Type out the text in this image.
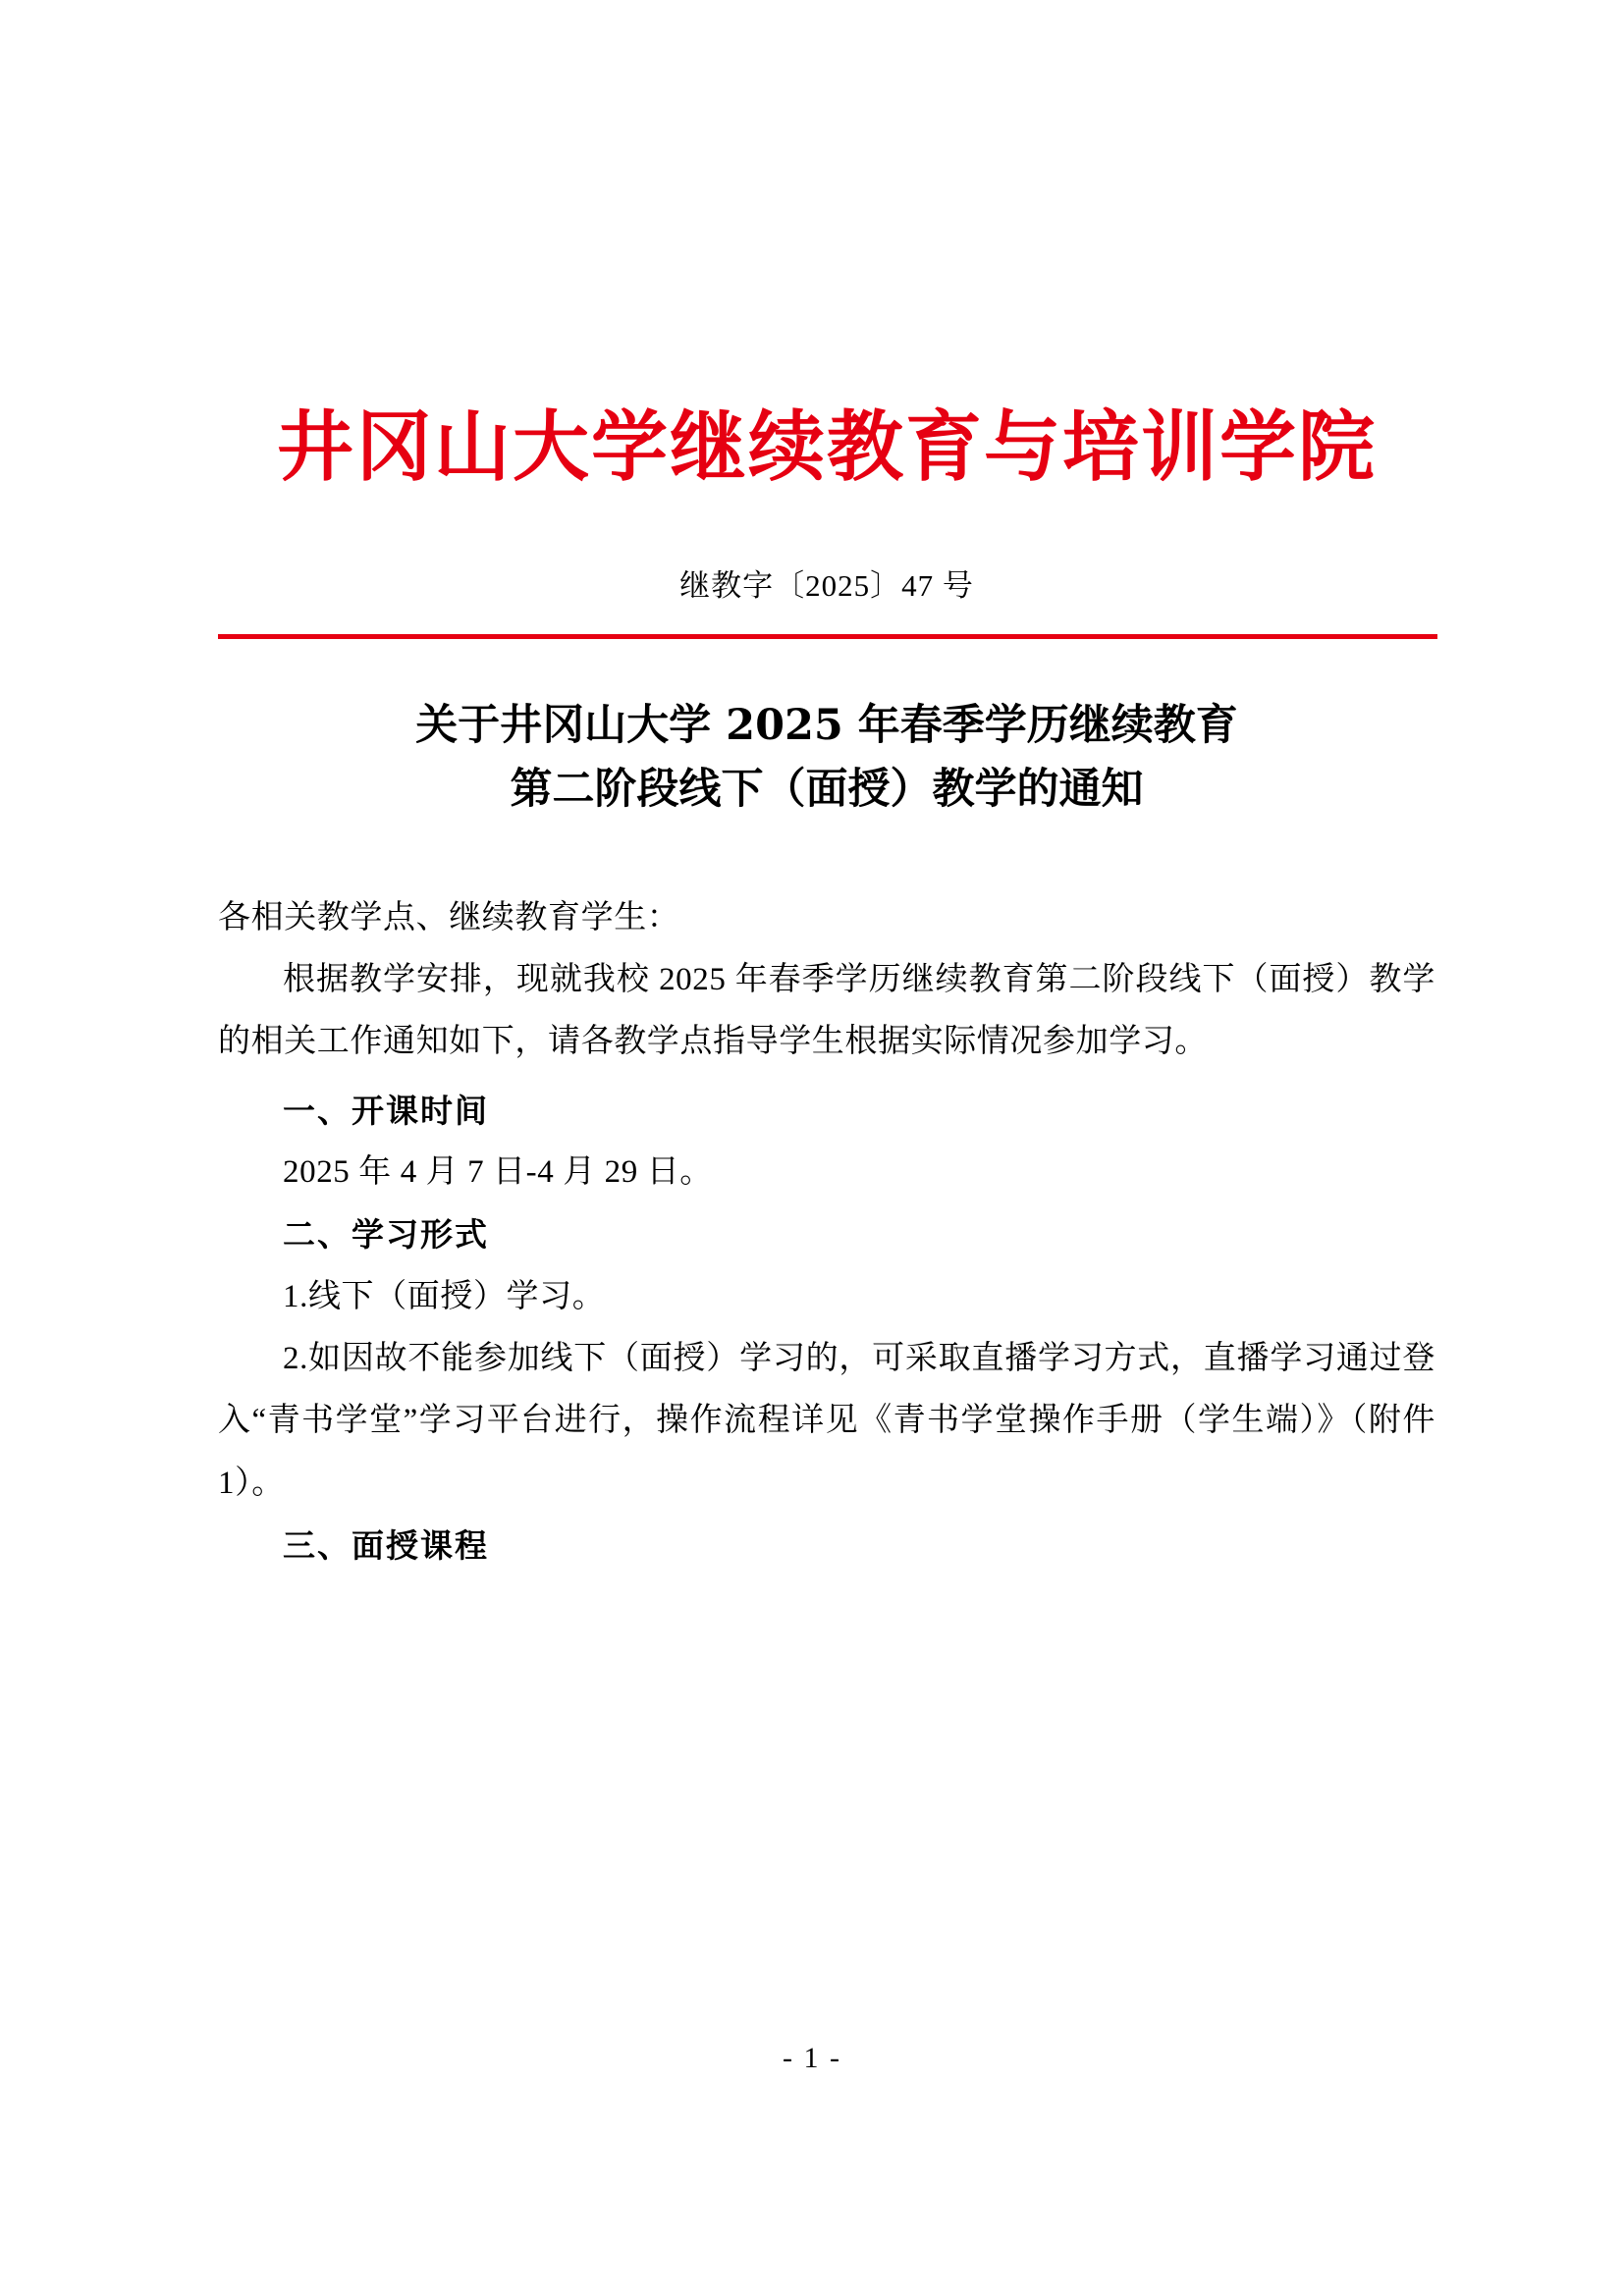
井冈山大学继续教育与培训学院
继教字〔2025〕47 号
关于井冈山大学 2025 年春季学历继续教育
第二阶段线下（面授）教学的通知

各相关教学点、继续教育学生：

根据教学安排，现就我校 2025 年春季学历继续教育第二阶段线下（面授）教学的相关工作通知如下，请各教学点指导学生根据实际情况参加学习。

一、开课时间

2025 年 4 月 7 日-4 月 29 日。

二、学习形式

1.线下（面授）学习。

2.如因故不能参加线下（面授）学习的，可采取直播学习方式，直播学习通过登入“青书学堂”学习平台进行，操作流程详见《青书学堂操作手册（学生端）》（附件 1）。

三、面授课程

- 1 -
